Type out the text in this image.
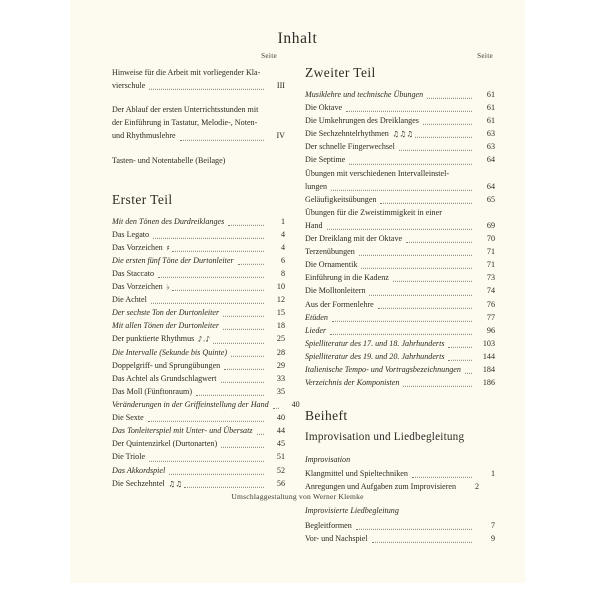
Inhalt
Seite
Hinweise für die Arbeit mit vorliegender Kla-
vierschule	III
Der Ablauf der ersten Unterrichtsstunden mit
der Einführung in Tastatur, Melodie-, Noten-
und Rhythmuslehre	IV
Tasten- und Notentabelle (Beilage)
Erster Teil
Mit den Tönen des Durdreiklanges	1
Das Legato	4
Das Vorzeichen ♯	4
Die ersten fünf Töne der Durtonleiter	6
Das Staccato	8
Das Vorzeichen ♭	10
Die Achtel	12
Der sechste Ton der Durtonleiter	15
Mit allen Tönen der Durtonleiter	18
Der punktierte Rhythmus ♪.♪	25
Die Intervalle (Sekunde bis Quinte)	28
Doppelgriff- und Sprungübungen	29
Das Achtel als Grundschlagwert	33
Das Moll (Fünftonraum)	35
Veränderungen in der Griffeinstellung der Hand	40
Die Sexte	40
Das Tonleiterspiel mit Unter- und Übersatz	44
Der Quintenzirkel (Durtonarten)	45
Die Triole	51
Das Akkordspiel	52
Die Sechzehntel ♫♫	56
Seite
Zweiter Teil
Musiklehre und technische Übungen	61
Die Oktave	61
Die Umkehrungen des Dreiklanges	61
Die Sechzehntelrhythmen ♫♫♫	63
Der schnelle Fingerwechsel	63
Die Septime	64
Übungen mit verschiedenen Intervalleinstel-
lungen	64
Geläufigkeitsübungen	65
Übungen für die Zweistimmigkeit in einer
Hand	69
Der Dreiklang mit der Oktave	70
Terzenübungen	71
Die Ornamentik	71
Einführung in die Kadenz	73
Die Molltonleitern	74
Aus der Formenlehre	76
Etüden	77
Lieder	96
Spielliteratur des 17. und 18. Jahrhunderts	103
Spielliteratur des 19. und 20. Jahrhunderts	144
Italienische Tempo- und Vortragsbezeichnungen	184
Verzeichnis der Komponisten	186
Beiheft
Improvisation und Liedbegleitung
Improvisation
Klangmittel und Spieltechniken	1
Anregungen und Aufgaben zum Improvisieren	2
Improvisierte Liedbegleitung
Begleitformen	7
Vor- und Nachspiel	9
Umschlaggestaltung von Werner Klemke
